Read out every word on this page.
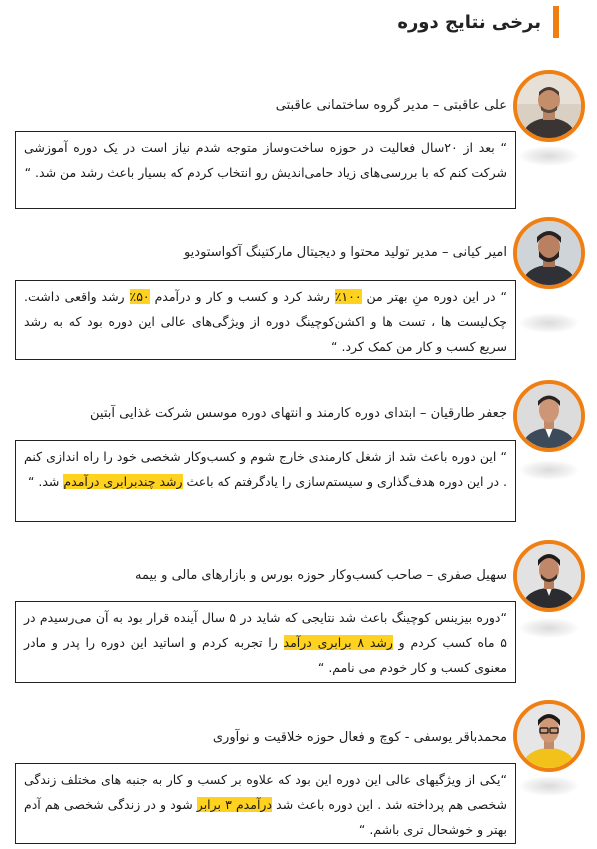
برخی نتایج دوره
علی عاقبتی – مدیر گروه ساختمانی عاقبتی
“ بعد از ۲۰سال فعالیت در حوزه ساخت‌وساز متوجه شدم نیاز است در یک دوره آموزشی شرکت کنم که با بررسی‌های زیاد حامی‌اندیش رو انتخاب کردم که بسیار باعث رشد من شد. “
امیر کیانی – مدیر تولید محتوا و دیجیتال مارکتینگ آکواستودیو
“ در این دوره منِ بهتر من ۱۰۰٪ رشد کرد و کسب و کار و درآمدم ۵۰٪ رشد واقعی داشت. چک‌لیست ها ، تست ها و اکشن‌کوچینگ دوره از ویژگی‌های عالی این دوره بود که به رشد سریع کسب و کار من کمک کرد. “
جعفر طارقیان – ابتدای دوره کارمند و انتهای دوره موسس شرکت غذایی آبتین
“ این دوره باعث شد از شغل کارمندی خارج شوم و کسب‌وکار شخصی خود را راه اندازی کنم . در این دوره هدف‌گذاری و سیستم‌سازی را یادگرفتم که باعث رشد چندبرابری درآمدم شد. “
سهیل صفری – صاحب کسب‌وکار حوزه بورس و بازارهای مالی و بیمه
“دوره بیزینس کوچینگ باعث شد نتایجی که شاید در ۵ سال آینده قرار بود به آن می‌رسیدم در ۵ ماه کسب کردم و رشد ۸ برابری درآمد را تجربه کردم و اساتید این دوره را پدر و مادر معنوی کسب و کار خودم می نامم. “
محمدباقر یوسفی - کوچ و فعال حوزه خلاقیت و نوآوری
“یکی از ویژگیهای عالی این دوره این بود که علاوه بر کسب و کار به جنبه های مختلف زندگی شخصی هم پرداخته شد . این دوره باعث شد درآمدم ۳ برابر شود و در زندگی شخصی هم آدم بهتر و خوشحال تری باشم. “
